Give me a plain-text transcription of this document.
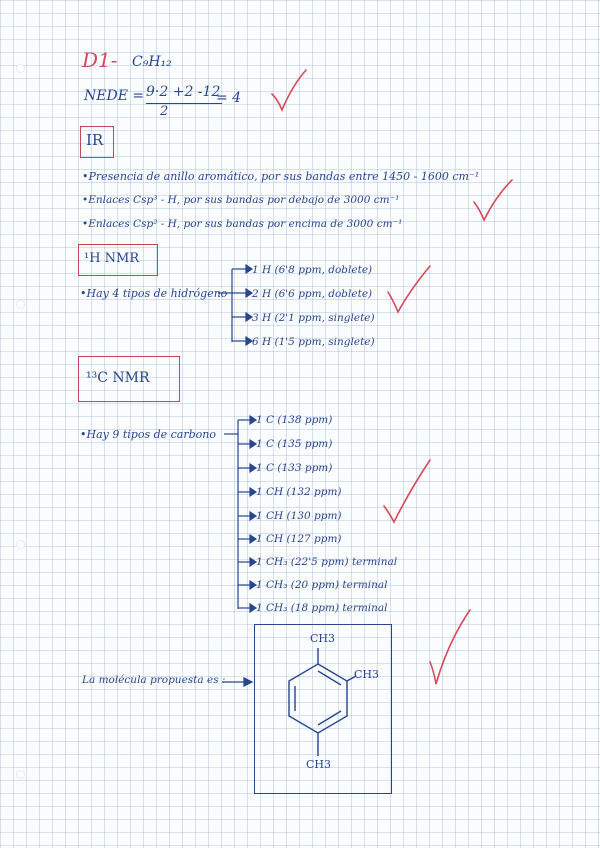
D1- C₉H₁₂
NEDE = 9·2 +2 -12
2
= 4
IR
•Presencia de anillo aromático, por sus bandas entre 1450 - 1600 cm⁻¹
•Enlaces Csp³ - H, por sus bandas por debajo de 3000 cm⁻¹
•Enlaces Csp² - H, por sus bandas por encima de 3000 cm⁻¹
¹H NMR
•Hay 4 tipos de hidrógeno
1 H (6'8 ppm, doblete)
2 H (6'6 ppm, doblete)
3 H (2'1 ppm, singlete)
6 H (1'5 ppm, singlete)
¹³C NMR
•Hay 9 tipos de carbono
1 C (138 ppm)
1 C (135 ppm)
1 C (133 ppm)
1 CH (132 ppm)
1 CH (130 ppm)
1 CH (127 ppm)
1 CH₃ (22'5 ppm) terminal
1 CH₃ (20 ppm) terminal
1 CH₃ (18 ppm) terminal
La molécula propuesta es :
CH3
CH3
CH3
